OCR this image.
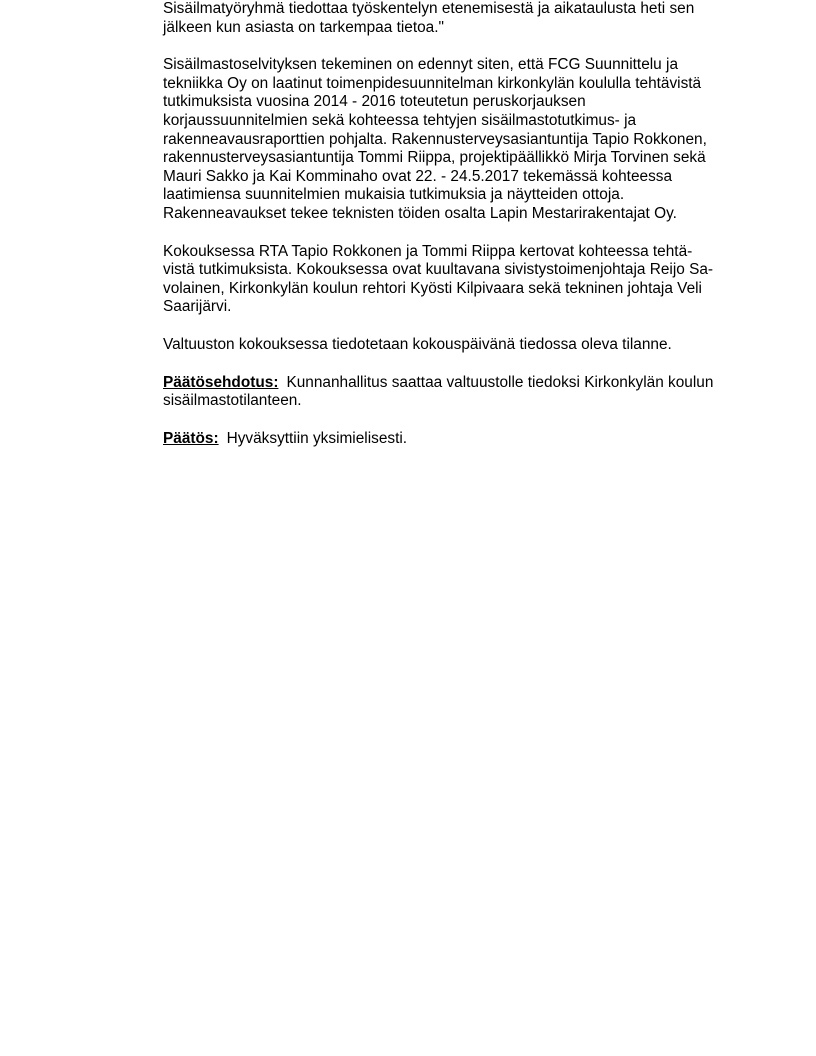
Sisäilmatyöryhmä tiedottaa työskentelyn etenemisestä ja aikataulusta heti sen
jälkeen kun asiasta on tarkempaa tietoa."
Sisäilmastoselvityksen tekeminen on edennyt siten, että FCG Suunnittelu ja
tekniikka Oy on laatinut toimenpidesuunnitelman kirkonkylän koululla tehtävistä
tutkimuksista vuosina 2014 - 2016 toteutetun peruskorjauksen
korjaussuunnitelmien sekä kohteessa tehtyjen sisäilmastotutkimus- ja
rakenneavausraporttien pohjalta. Rakennusterveysasiantuntija Tapio Rokkonen,
rakennusterveysasiantuntija Tommi Riippa, projektipäällikkö Mirja Torvinen sekä
Mauri Sakko ja Kai Komminaho ovat 22. - 24.5.2017 tekemässä kohteessa
laatimiensa suunnitelmien mukaisia tutkimuksia ja näytteiden ottoja.
Rakenneavaukset tekee teknisten töiden osalta Lapin Mestarirakentajat Oy.
Kokouksessa RTA Tapio Rokkonen ja Tommi Riippa kertovat kohteessa tehtä-
vistä tutkimuksista. Kokouksessa ovat kuultavana sivistystoimenjohtaja Reijo Sa-
volainen, Kirkonkylän koulun rehtori Kyösti Kilpivaara sekä tekninen johtaja Veli
Saarijärvi.
Valtuuston kokouksessa tiedotetaan kokouspäivänä tiedossa oleva tilanne.
Päätösehdotus: Kunnanhallitus saattaa valtuustolle tiedoksi Kirkonkylän koulun
sisäilmastotilanteen.
Päätös: Hyväksyttiin yksimielisesti.
